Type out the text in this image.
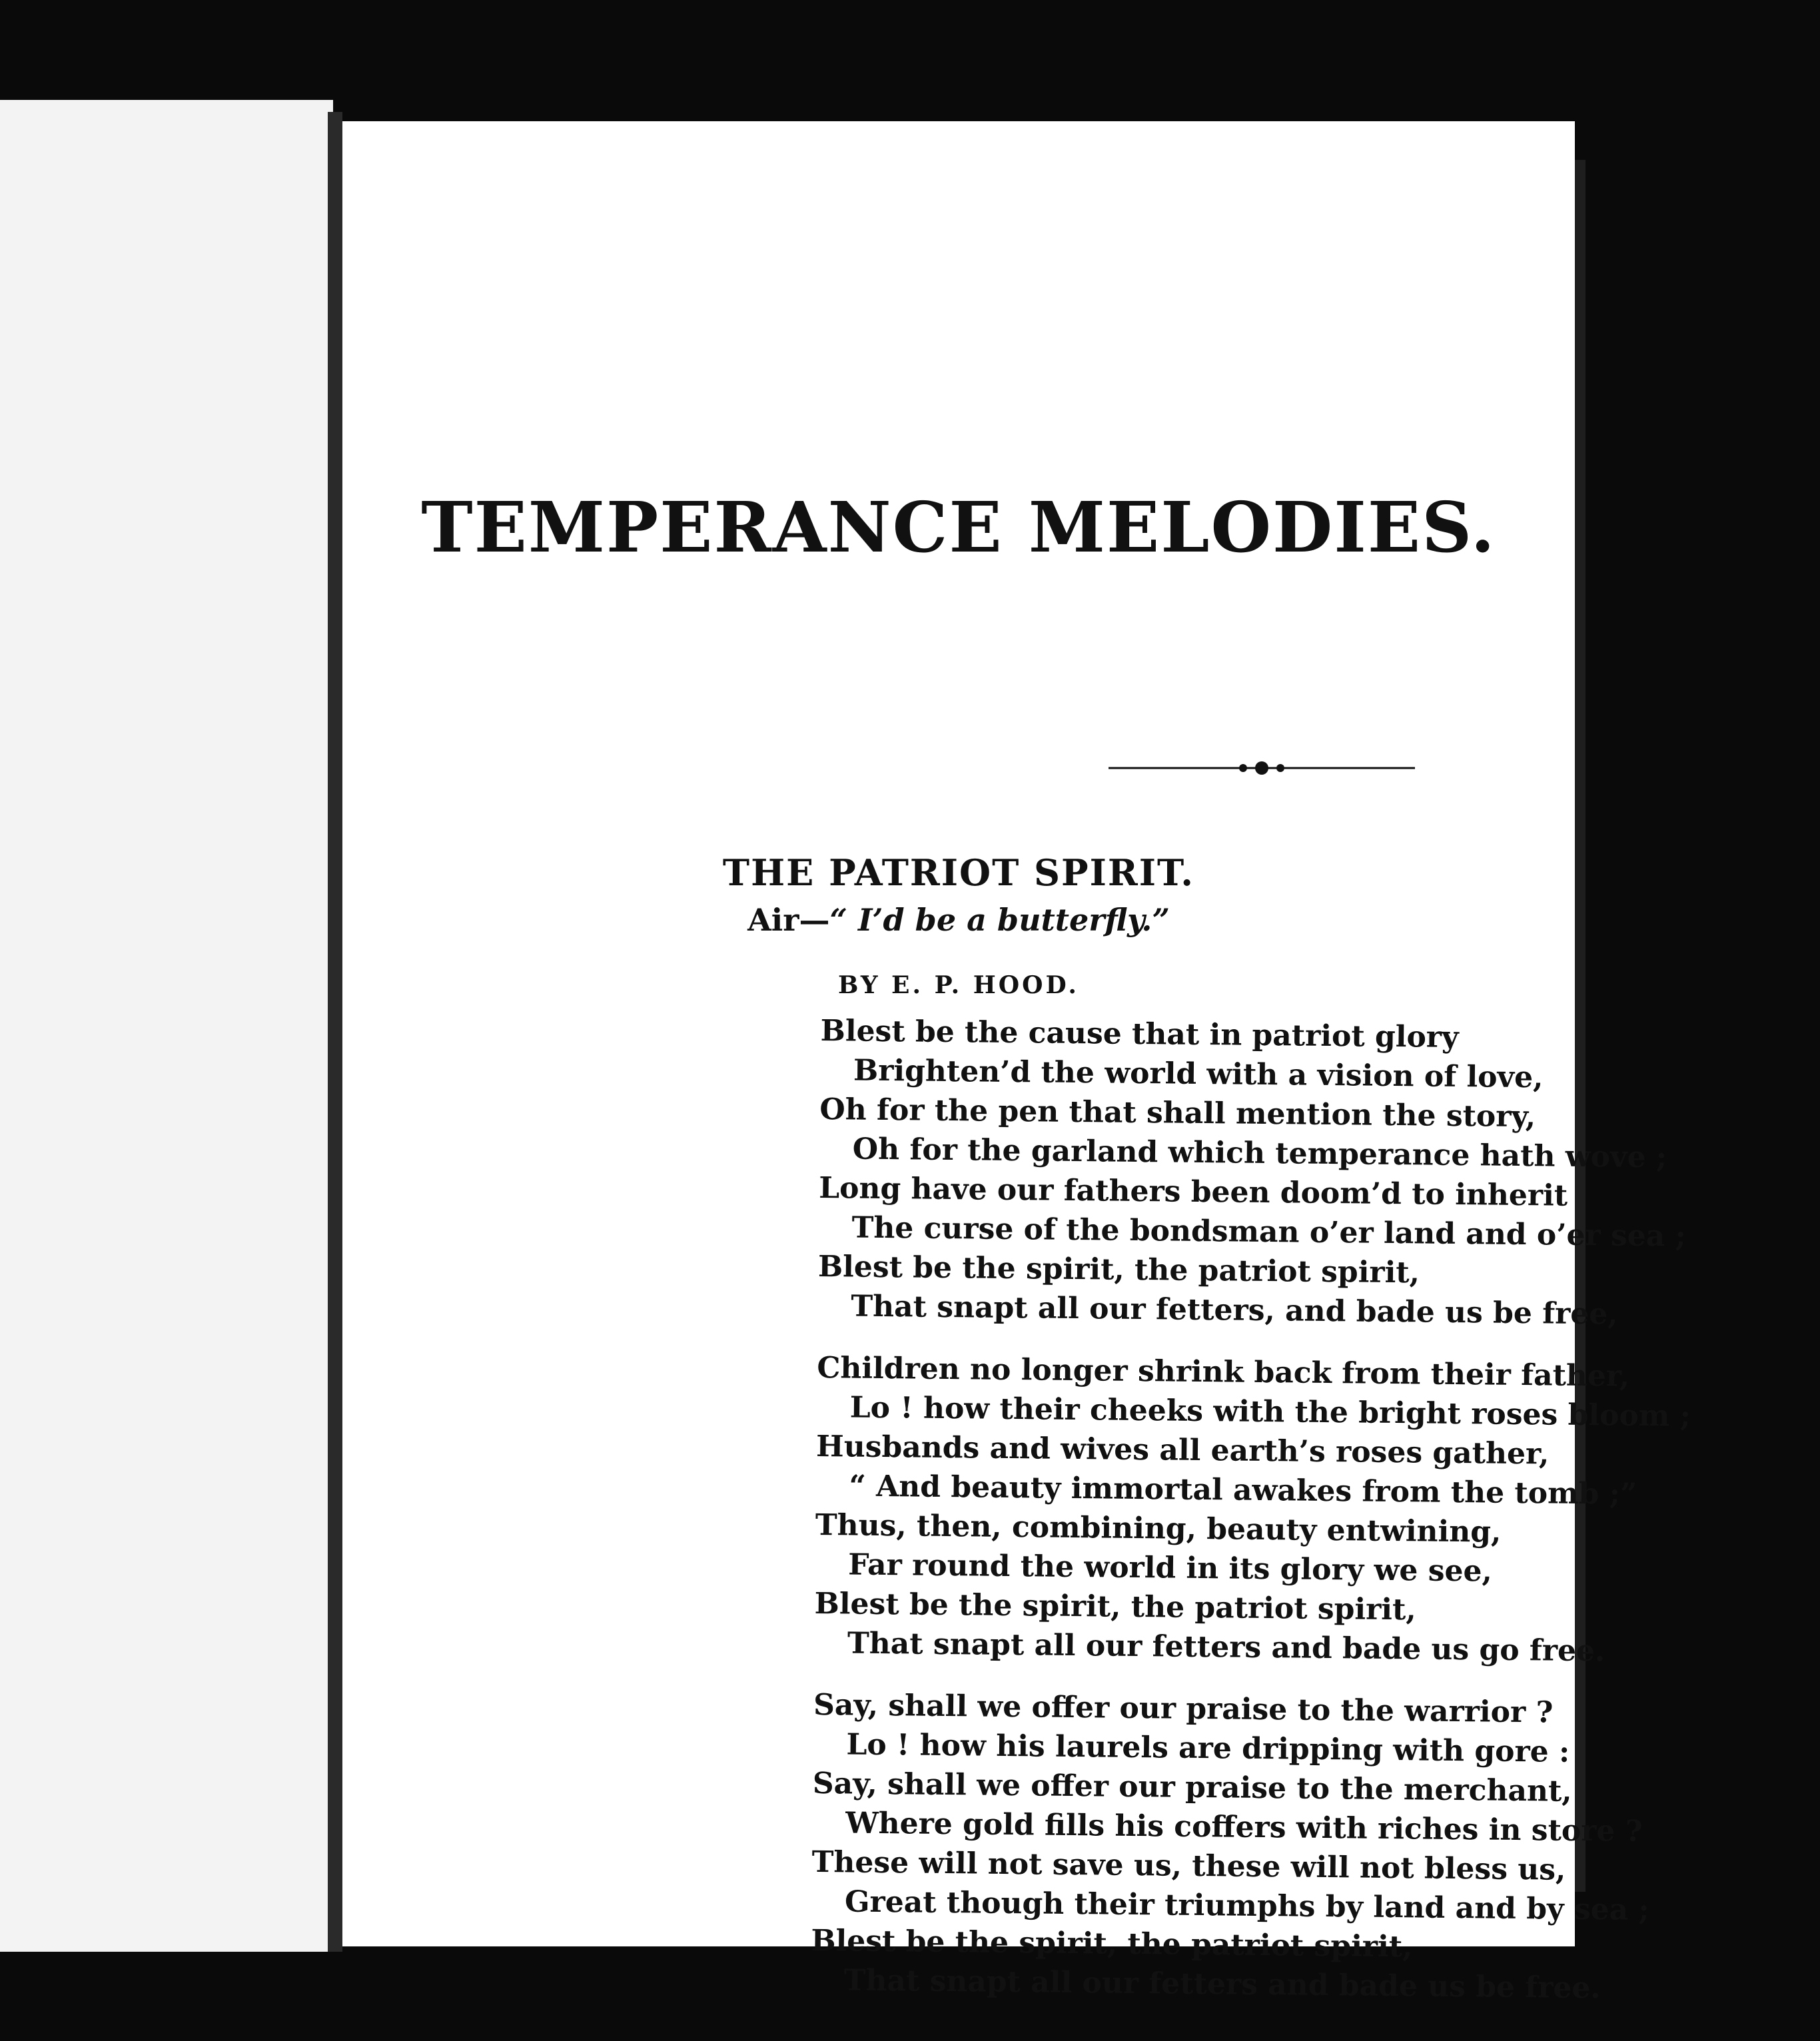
TEMPERANCE MELODIES.
THE PATRIOT SPIRIT.
Air—“ I’d be a butterfly.”
BY E. P. HOOD.
Blest be the cause that in patriot glory
Brighten’d the world with a vision of love,
Oh for the pen that shall mention the story,
Oh for the garland which temperance hath wove ;
Long have our fathers been doom’d to inherit
The curse of the bondsman o’er land and o’er sea ;
Blest be the spirit, the patriot spirit,
That snapt all our fetters, and bade us be free,
Children no longer shrink back from their father,
Lo ! how their cheeks with the bright roses bloom ;
Husbands and wives all earth’s roses gather,
“ And beauty immortal awakes from the tomb ;”
Thus, then, combining, beauty entwining,
Far round the world in its glory we see,
Blest be the spirit, the patriot spirit,
That snapt all our fetters and bade us go free.
Say, shall we offer our praise to the warrior ?
Lo ! how his laurels are dripping with gore :
Say, shall we offer our praise to the merchant,
Where gold fills his coffers with riches in store ?
These will not save us, these will not bless us,
Great though their triumphs by land and by sea ;
Blest be the spirit, the patriot spirit,
That snapt all our fetters and bade us be free.
